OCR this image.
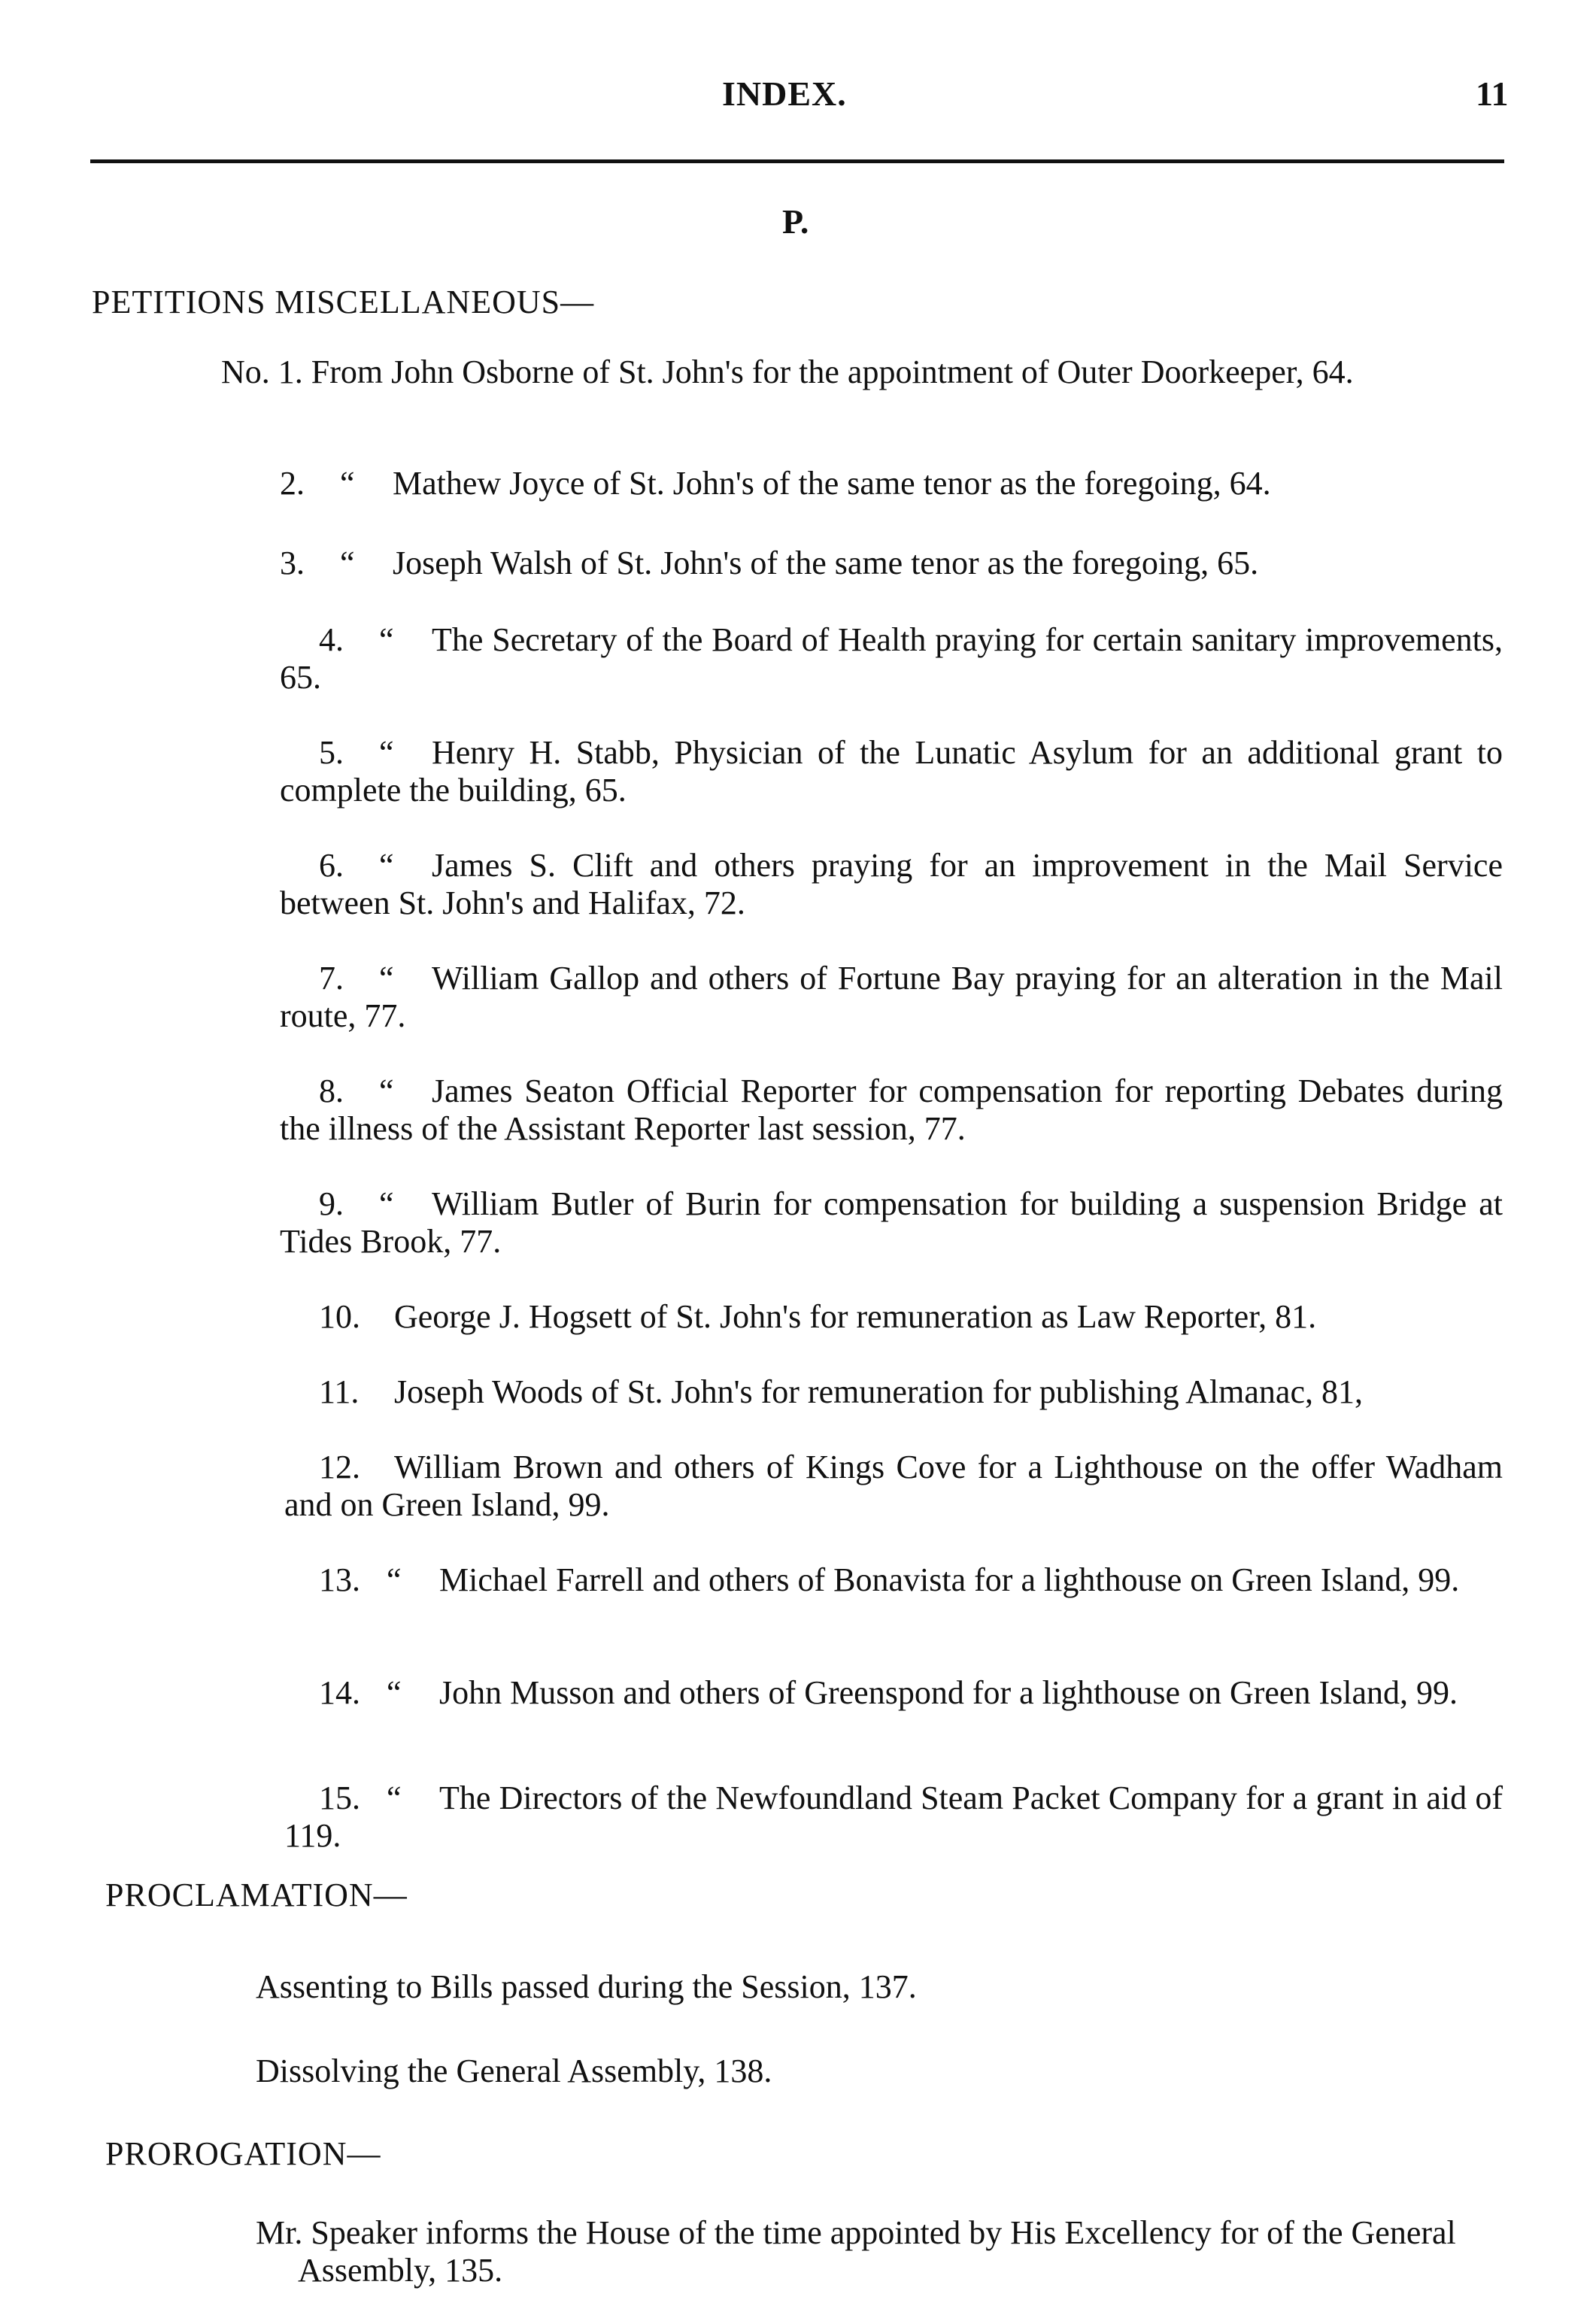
INDEX.	11
P.
PETITIONS MISCELLANEOUS—
No. 1. From John Osborne of St. John's for the appointment of Outer Doorkeeper, 64.
2. “ Mathew Joyce of St. John's of the same tenor as the foregoing, 64.
3. “ Joseph Walsh of St. John's of the same tenor as the foregoing, 65.
4. “ The Secretary of the Board of Health praying for certain sanitary improvements, 65.
5. “ Henry H. Stabb, Physician of the Lunatic Asylum for an additional grant to complete the building, 65.
6. “ James S. Clift and others praying for an improvement in the Mail Service between St. John's and Halifax, 72.
7. “ William Gallop and others of Fortune Bay praying for an alteration in the Mail route, 77.
8. “ James Seaton Official Reporter for compensation for reporting Debates during the illness of the Assistant Reporter last session, 77.
9. “ William Butler of Burin for compensation for building a suspension Bridge at Tides Brook, 77.
10. George J. Hogsett of St. John's for remuneration as Law Reporter, 81.
11. Joseph Woods of St. John's for remuneration for publishing Almanac, 81,
12. William Brown and others of Kings Cove for a Lighthouse on the offer Wadham and on Green Island, 99.
13. “ Michael Farrell and others of Bonavista for a lighthouse on Green Island, 99.
14. “ John Musson and others of Greenspond for a lighthouse on Green Island, 99.
15. “ The Directors of the Newfoundland Steam Packet Company for a grant in aid of 119.
PROCLAMATION—
Assenting to Bills passed during the Session, 137.
Dissolving the General Assembly, 138.
PROROGATION—
Mr. Speaker informs the House of the time appointed by His Excellency for of the General Assembly, 135.
